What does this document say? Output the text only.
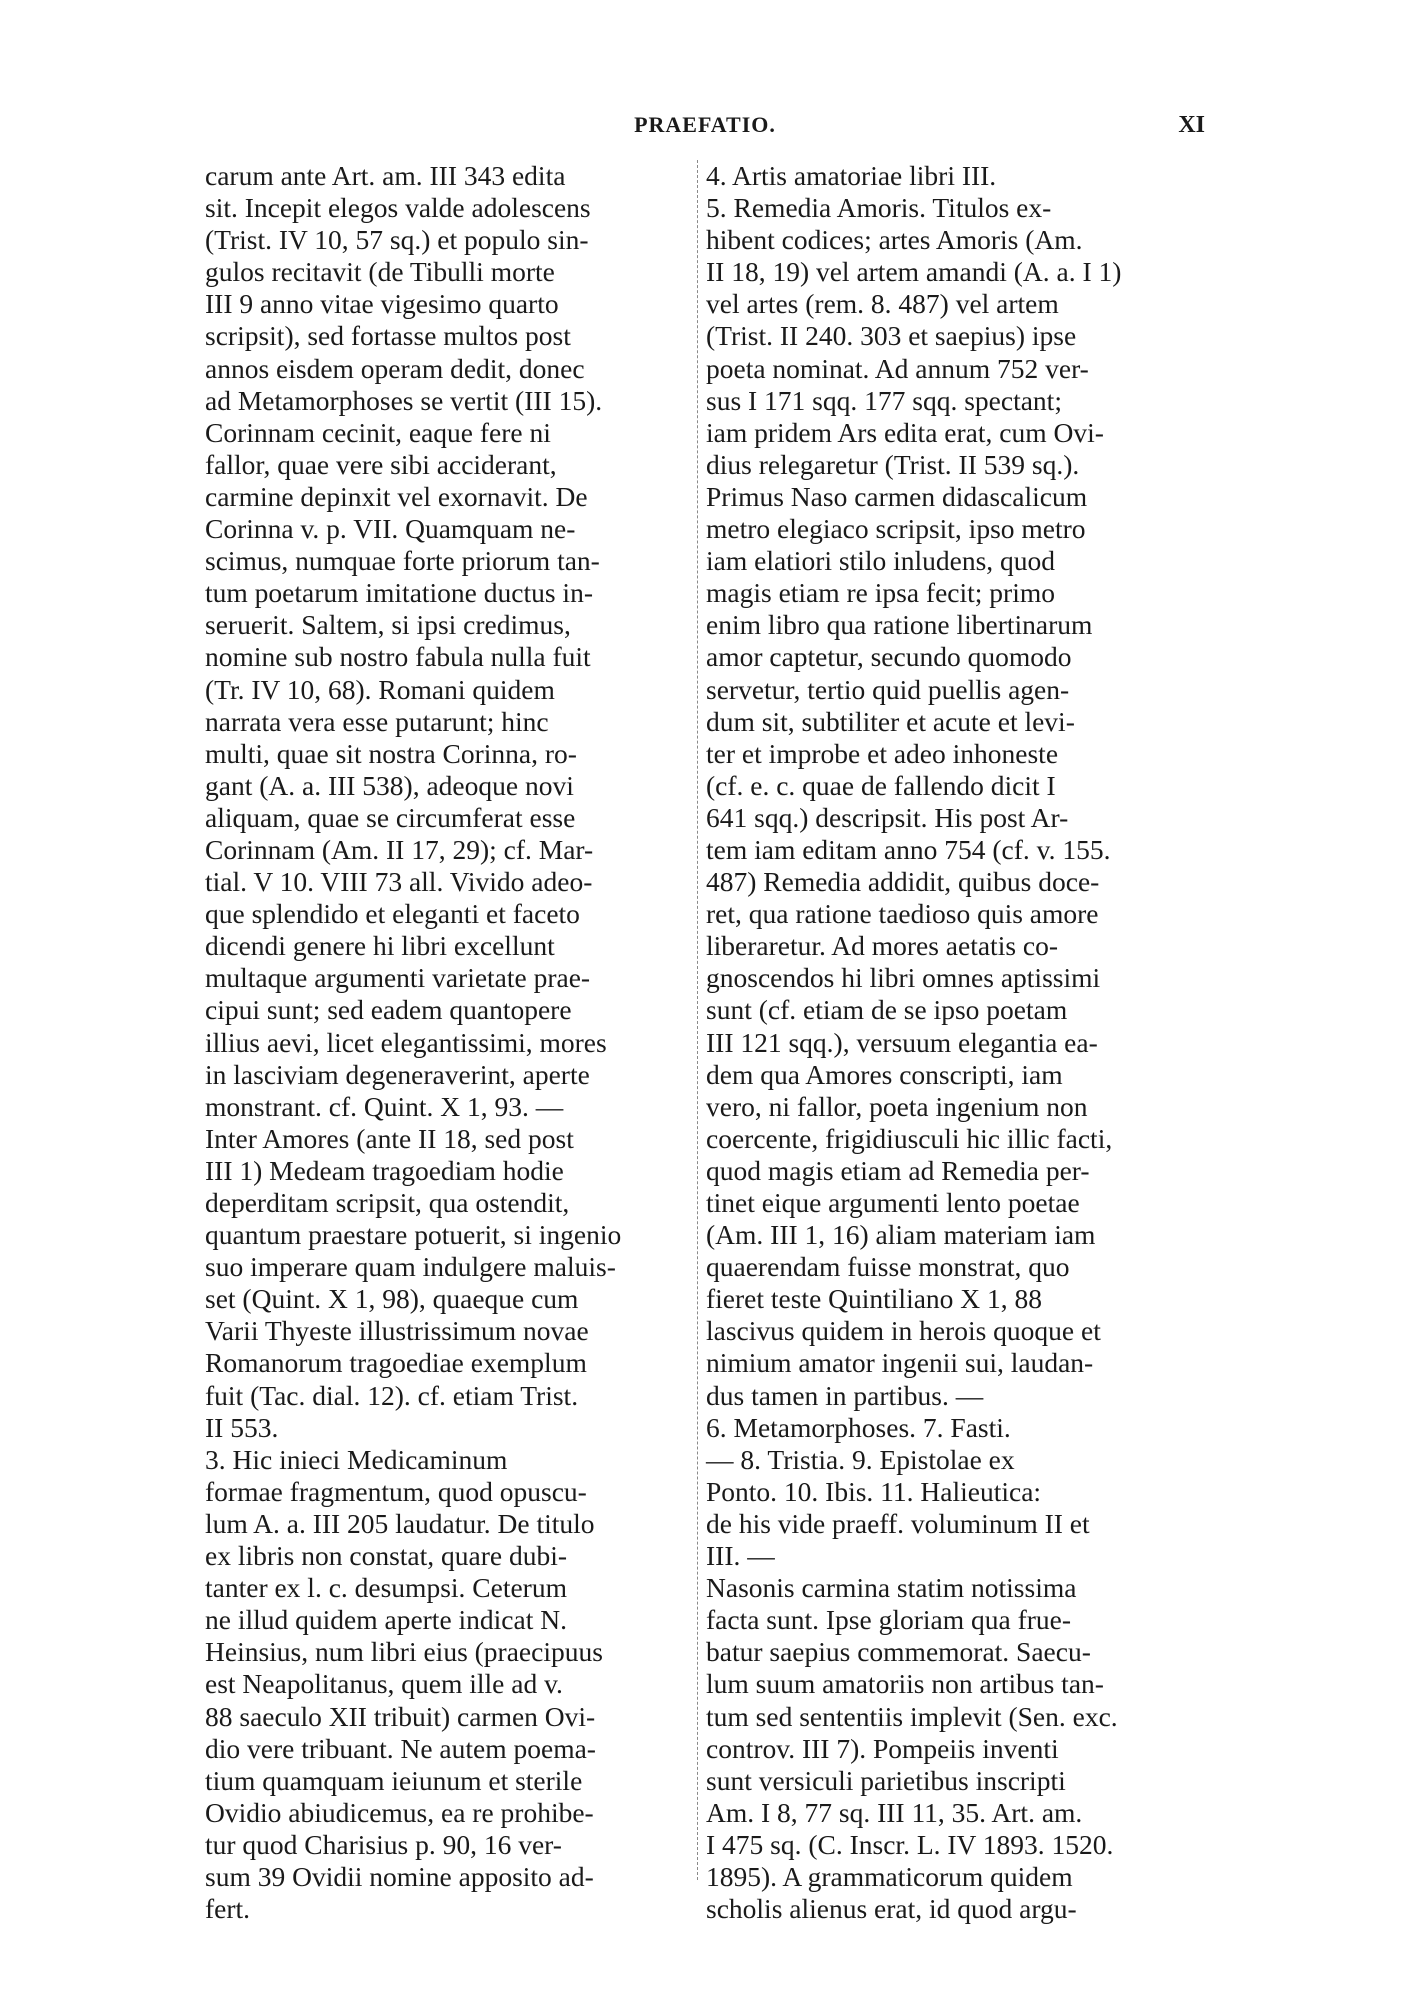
PRAEFATIO.	XI
carum ante Art. am. III 343 edita
sit. Incepit elegos valde adolescens
(Trist. IV 10, 57 sq.) et populo sin-
gulos recitavit (de Tibulli morte
III 9 anno vitae vigesimo quarto
scripsit), sed fortasse multos post
annos eisdem operam dedit, donec
ad Metamorphoses se vertit (III 15).
Corinnam cecinit, eaque fere ni
fallor, quae vere sibi acciderant,
carmine depinxit vel exornavit. De
Corinna v. p. VII. Quamquam ne-
scimus, numquae forte priorum tan-
tum poetarum imitatione ductus in-
seruerit. Saltem, si ipsi credimus,
nomine sub nostro fabula nulla fuit
(Tr. IV 10, 68). Romani quidem
narrata vera esse putarunt; hinc
multi, quae sit nostra Corinna, ro-
gant (A. a. III 538), adeoque novi
aliquam, quae se circumferat esse
Corinnam (Am. II 17, 29); cf. Mar-
tial. V 10. VIII 73 all. Vivido adeo-
que splendido et eleganti et faceto
dicendi genere hi libri excellunt
multaque argumenti varietate prae-
cipui sunt; sed eadem quantopere
illius aevi, licet elegantissimi, mores
in lasciviam degeneraverint, aperte
monstrant. cf. Quint. X 1, 93. —
Inter Amores (ante II 18, sed post
III 1) Medeam tragoediam hodie
deperditam scripsit, qua ostendit,
quantum praestare potuerit, si ingenio
suo imperare quam indulgere maluis-
set (Quint. X 1, 98), quaeque cum
Varii Thyeste illustrissimum novae
Romanorum tragoediae exemplum
fuit (Tac. dial. 12). cf. etiam Trist.
II 553.
3. Hic inieci Medicaminum
formae fragmentum, quod opuscu-
lum A. a. III 205 laudatur. De titulo
ex libris non constat, quare dubi-
tanter ex l. c. desumpsi. Ceterum
ne illud quidem aperte indicat N.
Heinsius, num libri eius (praecipuus
est Neapolitanus, quem ille ad v.
88 saeculo XII tribuit) carmen Ovi-
dio vere tribuant. Ne autem poema-
tium quamquam ieiunum et sterile
Ovidio abiudicemus, ea re prohibe-
tur quod Charisius p. 90, 16 ver-
sum 39 Ovidii nomine apposito ad-
fert.
4. Artis amatoriae libri III.
5. Remedia Amoris. Titulos ex-
hibent codices; artes Amoris (Am.
II 18, 19) vel artem amandi (A. a. I 1)
vel artes (rem. 8. 487) vel artem
(Trist. II 240. 303 et saepius) ipse
poeta nominat. Ad annum 752 ver-
sus I 171 sqq. 177 sqq. spectant;
iam pridem Ars edita erat, cum Ovi-
dius relegaretur (Trist. II 539 sq.).
Primus Naso carmen didascalicum
metro elegiaco scripsit, ipso metro
iam elatiori stilo inludens, quod
magis etiam re ipsa fecit; primo
enim libro qua ratione libertinarum
amor captetur, secundo quomodo
servetur, tertio quid puellis agen-
dum sit, subtiliter et acute et levi-
ter et improbe et adeo inhoneste
(cf. e. c. quae de fallendo dicit I
641 sqq.) descripsit. His post Ar-
tem iam editam anno 754 (cf. v. 155.
487) Remedia addidit, quibus doce-
ret, qua ratione taedioso quis amore
liberaretur. Ad mores aetatis co-
gnoscendos hi libri omnes aptissimi
sunt (cf. etiam de se ipso poetam
III 121 sqq.), versuum elegantia ea-
dem qua Amores conscripti, iam
vero, ni fallor, poeta ingenium non
coercente, frigidiusculi hic illic facti,
quod magis etiam ad Remedia per-
tinet eique argumenti lento poetae
(Am. III 1, 16) aliam materiam iam
quaerendam fuisse monstrat, quo
fieret teste Quintiliano X 1, 88
lascivus quidem in herois quoque et
nimium amator ingenii sui, laudan-
dus tamen in partibus. —
6. Metamorphoses. 7. Fasti.
— 8. Tristia. 9. Epistolae ex
Ponto. 10. Ibis. 11. Halieutica:
de his vide praeff. voluminum II et
III. —
Nasonis carmina statim notissima
facta sunt. Ipse gloriam qua frue-
batur saepius commemorat. Saecu-
lum suum amatoriis non artibus tan-
tum sed sententiis implevit (Sen. exc.
controv. III 7). Pompeiis inventi
sunt versiculi parietibus inscripti
Am. I 8, 77 sq. III 11, 35. Art. am.
I 475 sq. (C. Inscr. L. IV 1893. 1520.
1895). A grammaticorum quidem
scholis alienus erat, id quod argu-
